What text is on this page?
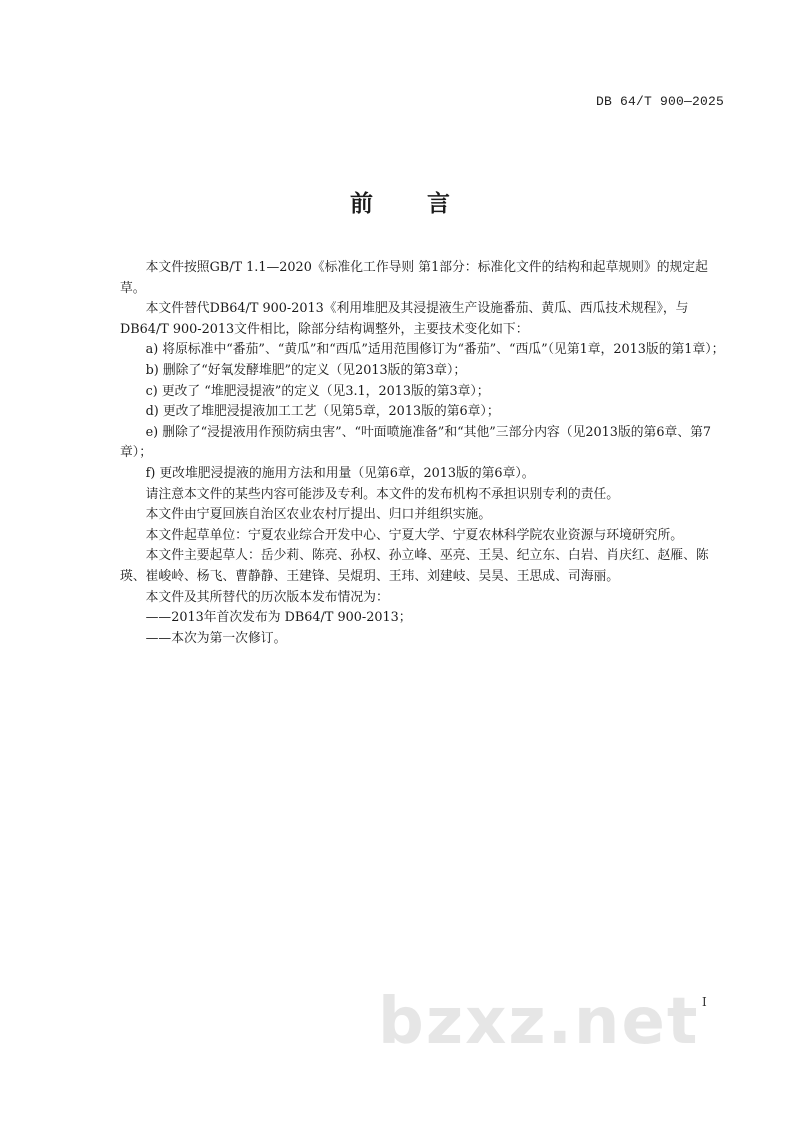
DB 64/T 900—2025
前 言

本文件按照GB/T 1.1—2020《标准化工作导则 第1部分：标准化文件的结构和起草规则》的规定起草。

本文件替代DB64/T 900-2013《利用堆肥及其浸提液生产设施番茄、黄瓜、西瓜技术规程》，与DB64/T 900-2013文件相比，除部分结构调整外，主要技术变化如下：

a) 将原标准中“番茄”、“黄瓜”和“西瓜”适用范围修订为“番茄”、“西瓜”（见第1章，2013版的第1章）；

b) 删除了“好氧发酵堆肥”的定义（见2013版的第3章）；

c) 更改了 “堆肥浸提液”的定义（见3.1，2013版的第3章）；

d) 更改了堆肥浸提液加工工艺（见第5章，2013版的第6章）；

e) 删除了“浸提液用作预防病虫害”、“叶面喷施准备”和“其他”三部分内容（见2013版的第6章、第7章）；

f) 更改堆肥浸提液的施用方法和用量（见第6章，2013版的第6章）。

请注意本文件的某些内容可能涉及专利。本文件的发布机构不承担识别专利的责任。

本文件由宁夏回族自治区农业农村厅提出、归口并组织实施。

本文件起草单位：宁夏农业综合开发中心、宁夏大学、宁夏农林科学院农业资源与环境研究所。

本文件主要起草人：岳少莉、陈亮、孙权、孙立峰、巫亮、王昊、纪立东、白岩、肖庆红、赵雁、陈瑛、崔峻岭、杨飞、曹静静、王建锋、吴焜玥、王玮、刘建岐、吴昊、王思成、司海丽。

本文件及其所替代的历次版本发布情况为：

——2013年首次发布为 DB64/T 900-2013；

——本次为第一次修订。

I
bzxz.net
